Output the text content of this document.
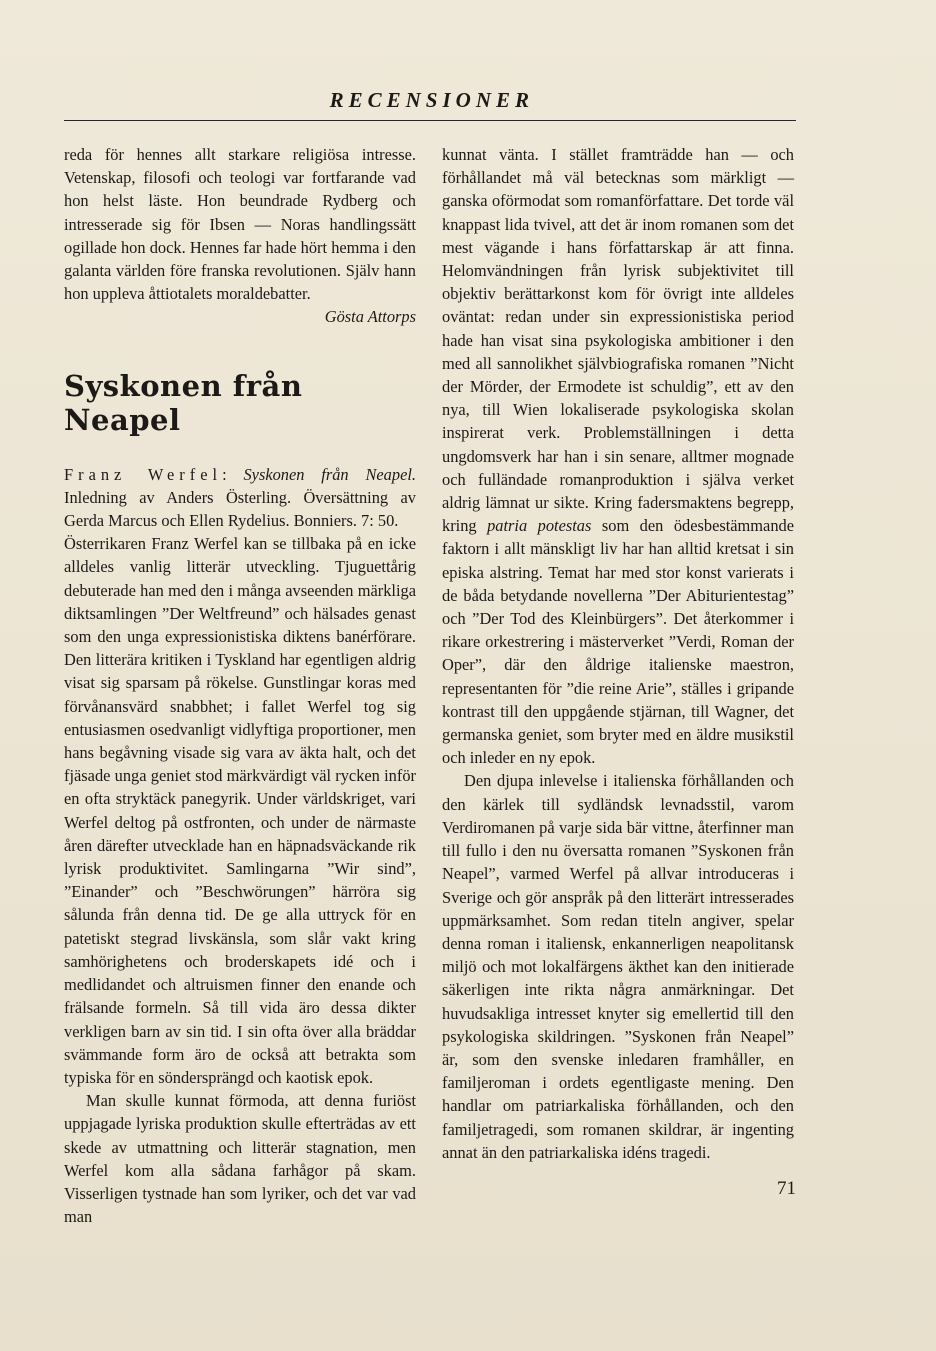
RECENSIONER

reda för hennes allt starkare religiösa intresse. Vetenskap, filosofi och teologi var fortfarande vad hon helst läste. Hon beundrade Rydberg och intresserade sig för Ibsen — Noras handlingssätt ogillade hon dock. Hennes far hade hört hemma i den galanta världen före franska revolutionen. Själv hann hon uppleva åttiotalets moraldebatter.

Gösta Attorps

Syskonen från Neapel

Franz Werfel: Syskonen från Neapel. Inledning av Anders Österling. Översättning av Gerda Marcus och Ellen Rydelius. Bonniers. 7: 50.

Österrikaren Franz Werfel kan se tillbaka på en icke alldeles vanlig litterär utveckling. Tjuguettårig debuterade han med den i många avseenden märkliga diktsamlingen ”Der Weltfreund” och hälsades genast som den unga expressionistiska diktens banérförare. Den litterära kritiken i Tyskland har egentligen aldrig visat sig sparsam på rökelse. Gunstlingar koras med förvånansvärd snabbhet; i fallet Werfel tog sig entusiasmen osedvanligt vidlyftiga proportioner, men hans begåvning visade sig vara av äkta halt, och det fjäsade unga geniet stod märkvärdigt väl rycken inför en ofta stryktäck panegyrik. Under världskriget, vari Werfel deltog på ostfronten, och under de närmaste åren därefter utvecklade han en häpnadsväckande rik lyrisk produktivitet. Samlingarna ”Wir sind”, ”Einander” och ”Beschwörungen” härröra sig sålunda från denna tid. De ge alla uttryck för en patetiskt stegrad livskänsla, som slår vakt kring samhörighetens och broderskapets idé och i medlidandet och altruismen finner den enande och frälsande formeln. Så till vida äro dessa dikter verkligen barn av sin tid. I sin ofta över alla bräddar svämmande form äro de också att betrakta som typiska för en söndersprängd och kaotisk epok.

Man skulle kunnat förmoda, att denna furiöst uppjagade lyriska produktion skulle efterträdas av ett skede av utmattning och litterär stagnation, men Werfel kom alla sådana farhågor på skam. Visserligen tystnade han som lyriker, och det var vad man

kunnat vänta. I stället framträdde han — och förhållandet må väl betecknas som märkligt — ganska oförmodat som romanförfattare. Det torde väl knappast lida tvivel, att det är inom romanen som det mest vägande i hans författarskap är att finna. Helomvändningen från lyrisk subjektivitet till objektiv berättarkonst kom för övrigt inte alldeles oväntat: redan under sin expressionistiska period hade han visat sina psykologiska ambitioner i den med all sannolikhet självbiografiska romanen ”Nicht der Mörder, der Ermodete ist schuldig”, ett av den nya, till Wien lokaliserade psykologiska skolan inspirerat verk. Problemställningen i detta ungdomsverk har han i sin senare, alltmer mognade och fulländade romanproduktion i själva verket aldrig lämnat ur sikte. Kring fadersmaktens begrepp, kring patria potestas som den ödesbestämmande faktorn i allt mänskligt liv har han alltid kretsat i sin episka alstring. Temat har med stor konst varierats i de båda betydande novellerna ”Der Abiturientestag” och ”Der Tod des Kleinbürgers”. Det återkommer i rikare orkestrering i mästerverket ”Verdi, Roman der Oper”, där den åldrige italienske maestron, representanten för ”die reine Arie”, ställes i gripande kontrast till den uppgående stjärnan, till Wagner, det germanska geniet, som bryter med en äldre musikstil och inleder en ny epok.

Den djupa inlevelse i italienska förhållanden och den kärlek till sydländsk levnadsstil, varom Verdiromanen på varje sida bär vittne, återfinner man till fullo i den nu översatta romanen ”Syskonen från Neapel”, varmed Werfel på allvar introduceras i Sverige och gör anspråk på den litterärt intresserades uppmärksamhet. Som redan titeln angiver, spelar denna roman i italiensk, enkannerligen neapolitansk miljö och mot lokalfärgens äkthet kan den initierade säkerligen inte rikta några anmärkningar. Det huvudsakliga intresset knyter sig emellertid till den psykologiska skildringen. ”Syskonen från Neapel” är, som den svenske inledaren framhåller, en familjeroman i ordets egentligaste mening. Den handlar om patriarkaliska förhållanden, och den familjetragedi, som romanen skildrar, är ingenting annat än den patriarkaliska idéns tragedi.

71
